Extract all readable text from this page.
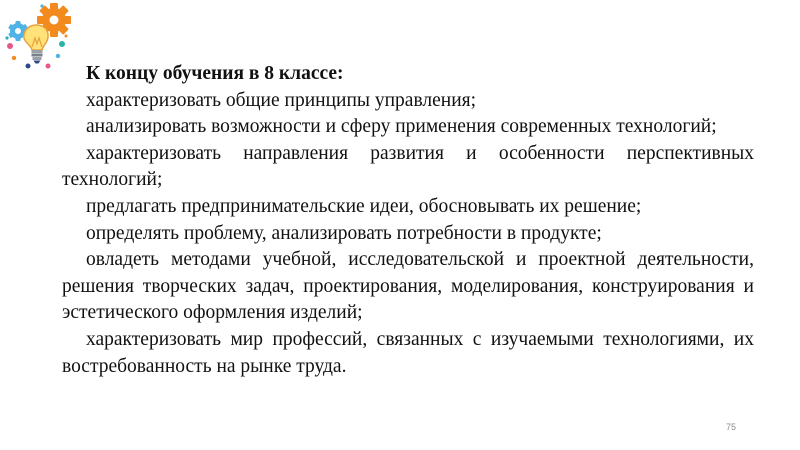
К концу обучения в 8 классе:

характеризовать общие принципы управления;

анализировать возможности и сферу применения современных технологий;

характеризовать направления развития и особенности перспективных технологий;

предлагать предпринимательские идеи, обосновывать их решение;

определять проблему, анализировать потребности в продукте;

овладеть методами учебной, исследовательской и проектной деятельности, решения творческих задач, проектирования, моделирования, конструирования и эстетического оформления изделий;

характеризовать мир профессий, связанных с изучаемыми технологиями, их востребованность на рынке труда.

75
